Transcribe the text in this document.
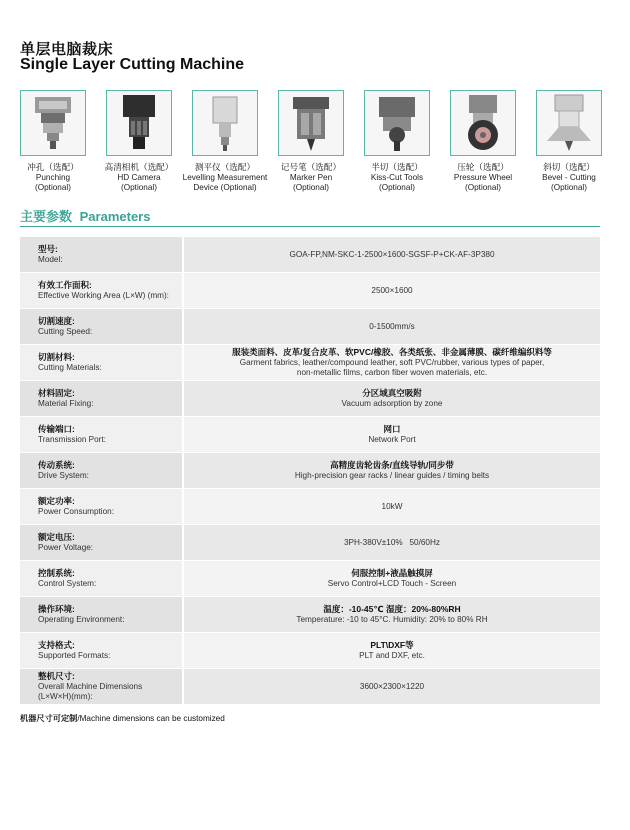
单层电脑裁床
Single Layer Cutting Machine
冲孔（选配）
Punching
(Optional)
高清相机（选配）
HD Camera
(Optional)
测平仪（选配）
Levelling Measurement
Device (Optional)
记号笔（选配）
Marker Pen
(Optional)
半切（选配）
Kiss-Cut Tools
(Optional)
压轮（选配）
Pressure Wheel
(Optional)
斜切（选配）
Bevel - Cutting
(Optional)
主要参数 Parameters
型号:
Model:
GOA-FP,NM-SKC-1-2500×1600-SGSF-P+CK-AF-3P380
有效工作面积:
Effective Working Area (L×W) (mm):
2500×1600
切割速度:
Cutting Speed:
0-1500mm/s
切割材料:
Cutting Materials:
服装类面料、皮革/复合皮革、软PVC/橡胶、各类纸张、非金属薄膜、碳纤维编织料等
Garment fabrics, leather/compound leather, soft PVC/rubber, various types of paper,
non-metallic films, carbon fiber woven materials, etc.
材料固定:
Material Fixing:
分区域真空吸附
Vacuum adsorption by zone
传输端口:
Transmission Port:
网口
Network Port
传动系统:
Drive System:
高精度齿轮齿条/直线导轨/同步带
High-precision gear racks / linear guides / timing belts
额定功率:
Power Consumption:
10kW
额定电压:
Power Voltage:
3PH-380V±10%   50/60Hz
控制系统:
Control System:
伺服控制+液晶触摸屏
Servo Control+LCD Touch - Screen
操作环境:
Operating Environment:
温度：-10-45℃ 湿度：20%-80%RH
Temperature: -10 to 45°C. Humidity: 20% to 80% RH
支持格式:
Supported Formats:
PLT\DXF等
PLT and DXF, etc.
整机尺寸:
Overall Machine Dimensions
(L×W×H)(mm):
3600×2300×1220
机器尺寸可定制/Machine dimensions can be customized
